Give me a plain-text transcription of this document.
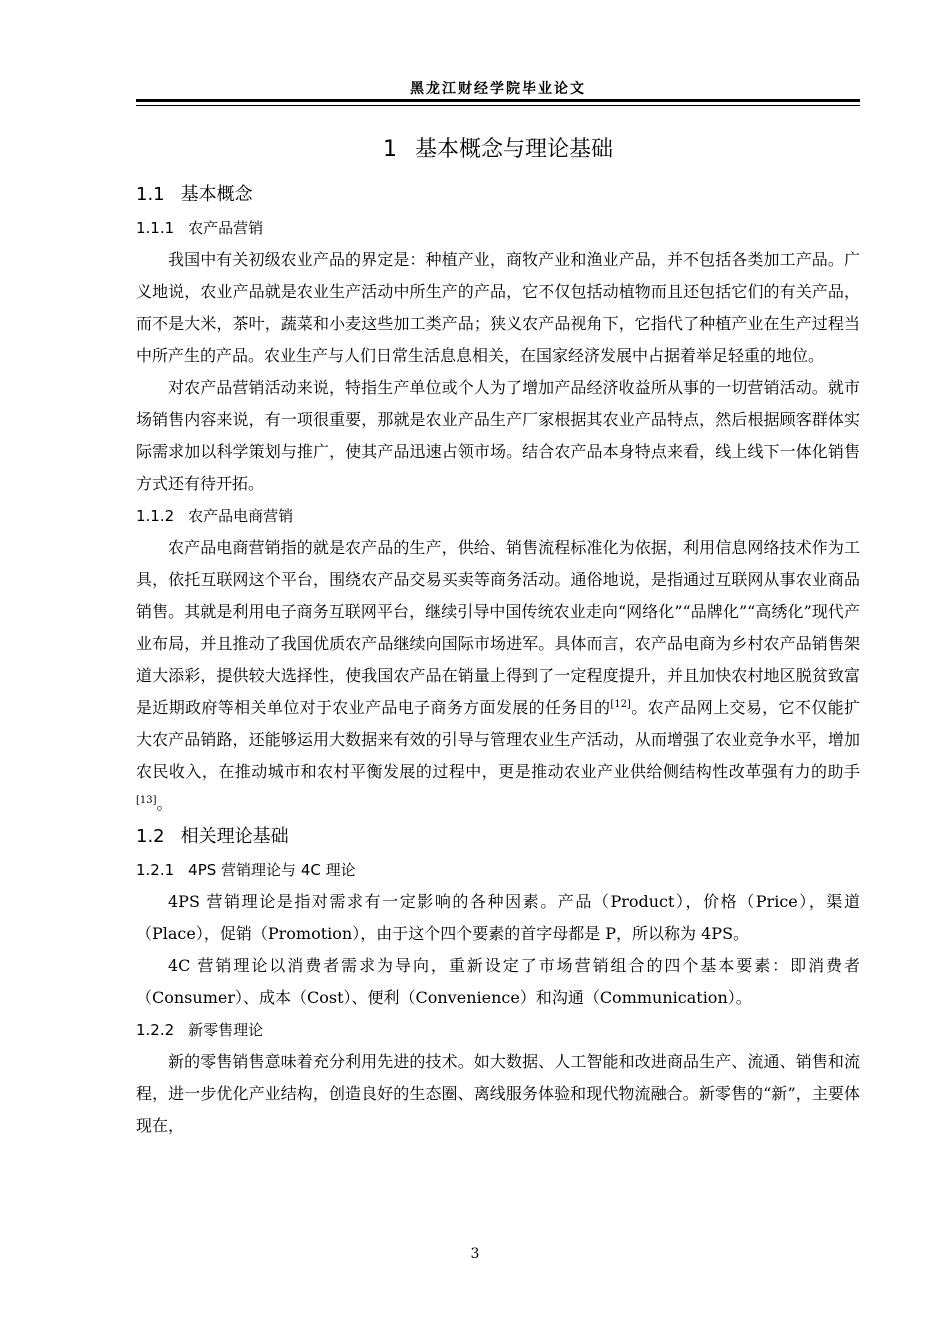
黑龙江财经学院毕业论文
1 基本概念与理论基础
1.1 基本概念
1.1.1 农产品营销

我国中有关初级农业产品的界定是：种植产业，商牧产业和渔业产品，并不包括各类加工产品。广义地说，农业产品就是农业生产活动中所生产的产品，它不仅包括动植物而且还包括它们的有关产品，而不是大米，茶叶，蔬菜和小麦这些加工类产品；狭义农产品视角下，它指代了种植产业在生产过程当中所产生的产品。农业生产与人们日常生活息息相关，在国家经济发展中占据着举足轻重的地位。

对农产品营销活动来说，特指生产单位或个人为了增加产品经济收益所从事的一切营销活动。就市场销售内容来说，有一项很重要，那就是农业产品生产厂家根据其农业产品特点，然后根据顾客群体实际需求加以科学策划与推广，使其产品迅速占领市场。结合农产品本身特点来看，线上线下一体化销售方式还有待开拓。

1.1.2 农产品电商营销

农产品电商营销指的就是农产品的生产，供给、销售流程标准化为依据，利用信息网络技术作为工具，依托互联网这个平台，围绕农产品交易买卖等商务活动。通俗地说，是指通过互联网从事农业商品销售。其就是利用电子商务互联网平台，继续引导中国传统农业走向“网络化”“品牌化”“高绣化”现代产业布局，并且推动了我国优质农产品继续向国际市场进军。具体而言，农产品电商为乡村农产品销售架道大添彩，提供较大选择性，使我国农产品在销量上得到了一定程度提升，并且加快农村地区脱贫致富是近期政府等相关单位对于农业产品电子商务方面发展的任务目的[12]。农产品网上交易，它不仅能扩大农产品销路，还能够运用大数据来有效的引导与管理农业生产活动，从而增强了农业竞争水平，增加农民收入，在推动城市和农村平衡发展的过程中，更是推动农业产业供给侧结构性改革强有力的助手[13]。

1.2 相关理论基础
1.2.1 4PS 营销理论与 4C 理论

4PS 营销理论是指对需求有一定影响的各种因素。产品（Product），价格（Price），渠道（Place），促销（Promotion），由于这个四个要素的首字母都是 P，所以称为 4PS。

4C 营销理论以消费者需求为导向，重新设定了市场营销组合的四个基本要素：即消费者（Consumer）、成本（Cost）、便利（Convenience）和沟通（Communication）。

1.2.2 新零售理论

新的零售销售意味着充分利用先进的技术。如大数据、人工智能和改进商品生产、流通、销售和流程，进一步优化产业结构，创造良好的生态圈、离线服务体验和现代物流融合。新零售的“新”，主要体现在，

3
